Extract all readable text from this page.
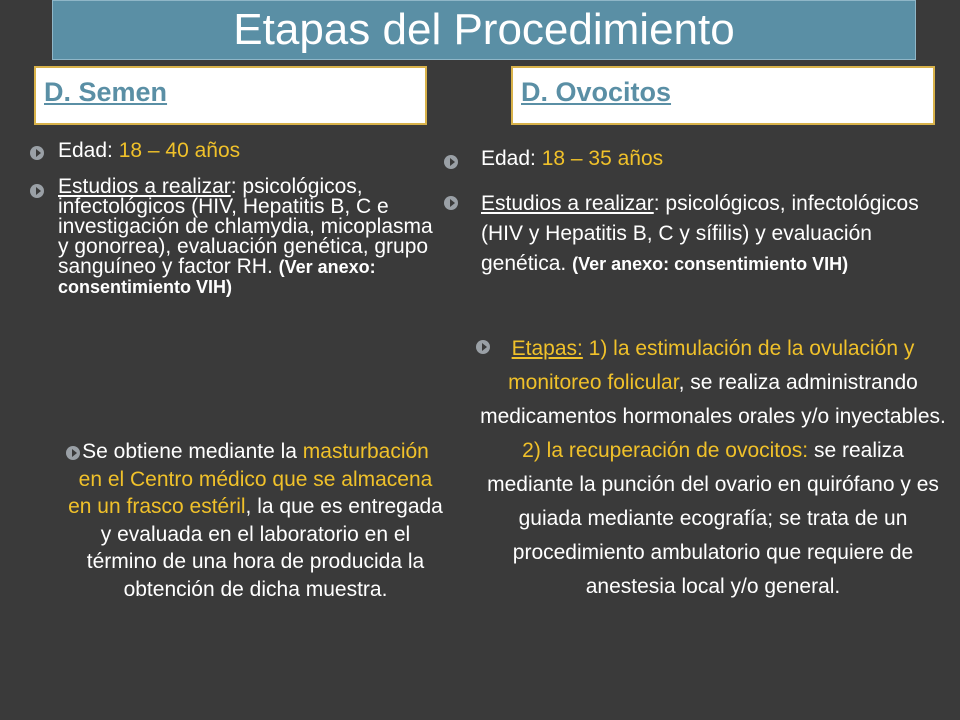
Etapas del Procedimiento
D. Semen	D. Ovocitos
Edad: 18 – 40 años
Estudios a realizar: psicológicos, infectológicos (HIV, Hepatitis B, C e investigación de chlamydia, micoplasma y gonorrea), evaluación genética, grupo sanguíneo y factor RH. (Ver anexo: consentimiento VIH)
Se obtiene mediante la masturbación en el Centro médico que se almacena en un frasco estéril, la que es entregada y evaluada en el laboratorio en el término de una hora de producida la obtención de dicha muestra.
Edad: 18 – 35 años
Estudios a realizar: psicológicos, infectológicos (HIV y Hepatitis B, C y sífilis) y evaluación genética. (Ver anexo: consentimiento VIH)
Etapas: 1) la estimulación de la ovulación y monitoreo folicular, se realiza administrando medicamentos hormonales orales y/o inyectables. 2) la recuperación de ovocitos: se realiza mediante la punción del ovario en quirófano y es guiada mediante ecografía; se trata de un procedimiento ambulatorio que requiere de anestesia local y/o general.
